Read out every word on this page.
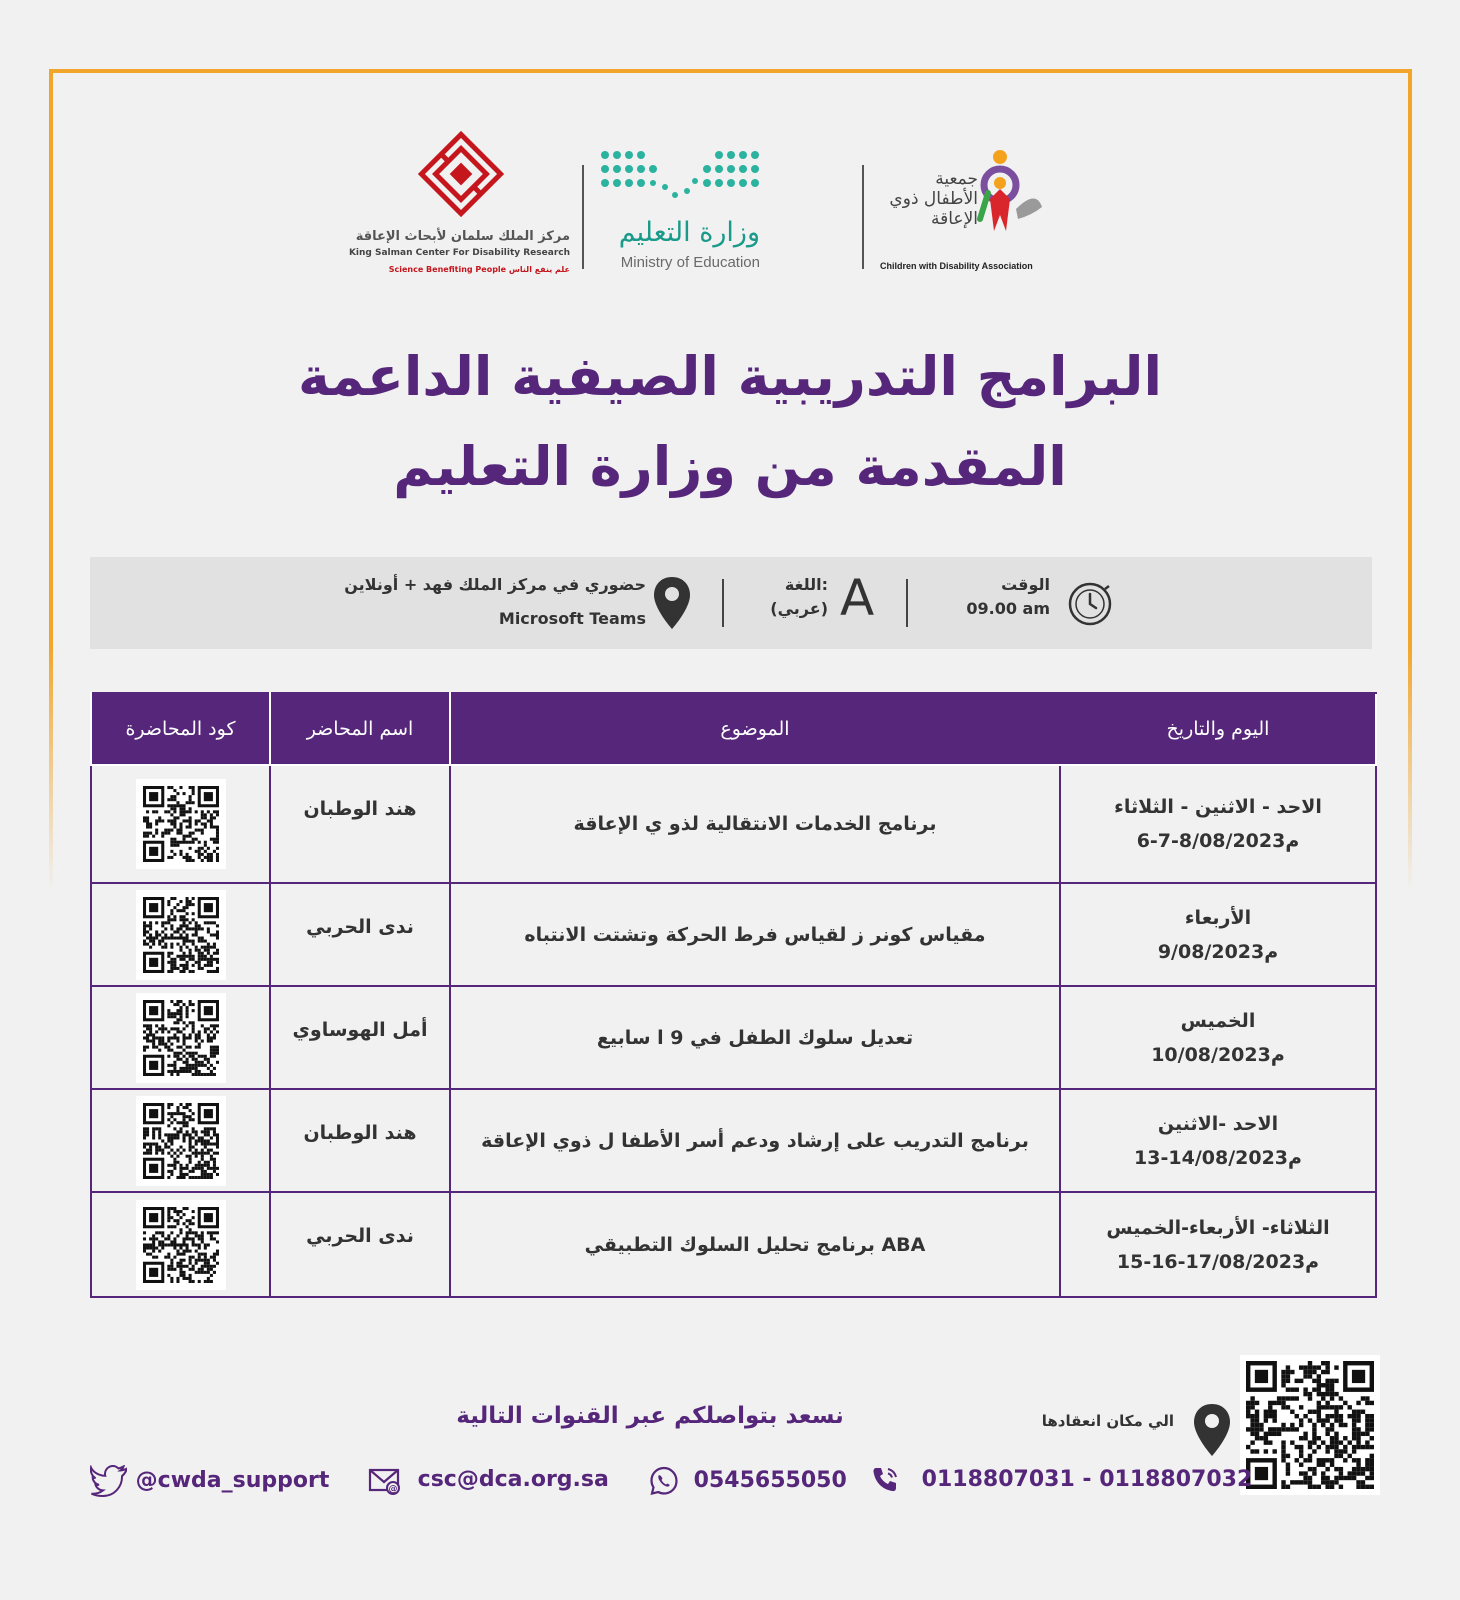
مركز الملك سلمان لأبحاث الإعاقة
King Salman Center For Disability Research
Science Benefiting People علم ينفع الناس
وزارة التعليم
Ministry of Education
جمعية الأطفال ذوي الإعاقة
Children with Disability Association
البرامج التدريبية الصيفية الداعمة
المقدمة من وزارة التعليم
الوقت
09.00 am
A
اللغة:
(عربي)
حضوري في مركز الملك فهد + أونلاين
Microsoft Teams
اليوم والتاريخ	الموضوع	اسم المحاضر	كود المحاضرة

الاحد - الاثنين - الثلاثاء
6-7-8/08/2023م	برنامج الخدمات الانتقالية لذو ي الإعاقة	هند الوطبان	

الأربعاء
9/08/2023م	مقياس كونر ز لقياس فرط الحركة وتشتت الانتباه	ندى الحربي	

الخميس
10/08/2023م	تعديل سلوك الطفل في 9 ا سابيع	أمل الهوساوي	

الاحد -الاثنين
13-14/08/2023م	برنامج التدريب على إرشاد ودعم أسر الأطفا ل ذوي الإعاقة	هند الوطبان	

الثلاثاء- الأربعاء-الخميس
15-16-17/08/2023م	ABA برنامج تحليل السلوك التطبيقي	ندى الحربي	
الي مكان انعقادها
نسعد بتواصلكم عبر القنوات التالية
@cwda_support	@ csc@dca.org.sa	0545655050	0118807031 - 0118807032
